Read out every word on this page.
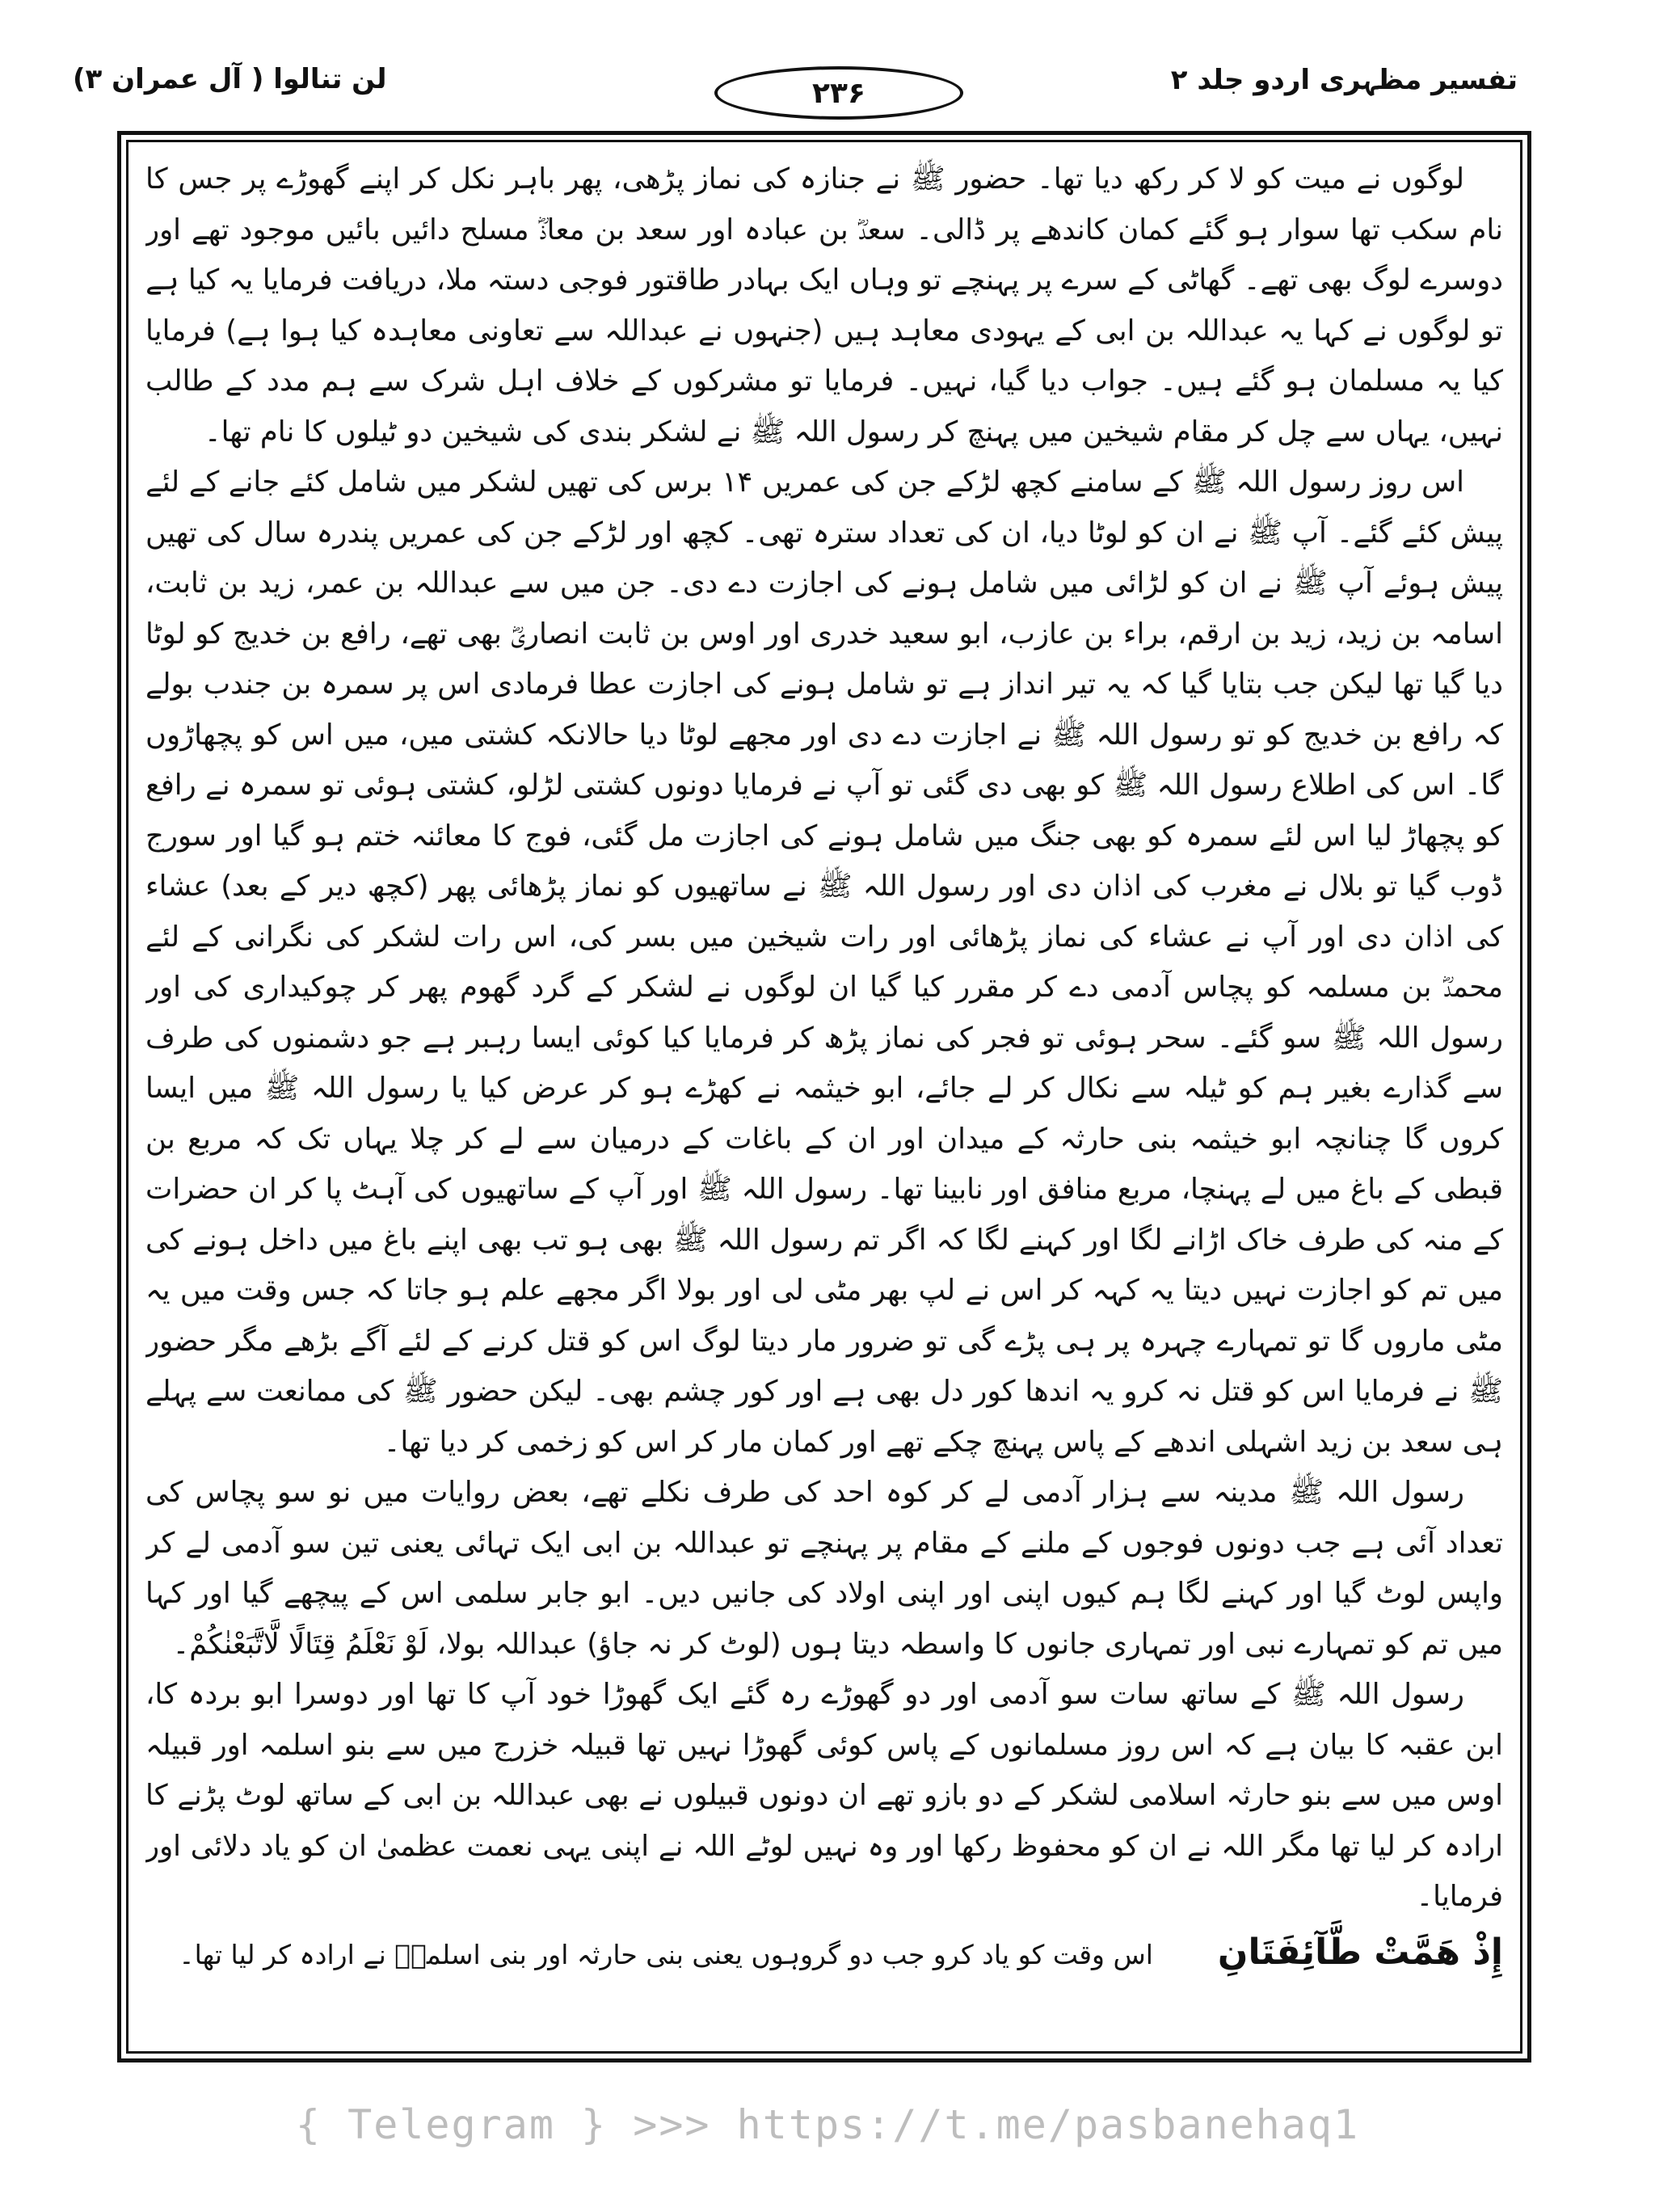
تفسیر مظہری اردو جلد ۲
۲۳۶
لن تنالوا ( آل عمران ۳)

لوگوں نے میت کو لا کر رکھ دیا تھا۔ حضور ﷺ نے جنازہ کی نماز پڑھی، پھر باہر نکل کر اپنے گھوڑے پر جس کا نام سکب تھا سوار ہو گئے کمان کاندھے پر ڈالی۔ سعدؓ بن عبادہ اور سعد بن معاذؓ مسلح دائیں بائیں موجود تھے اور دوسرے لوگ بھی تھے۔ گھاٹی کے سرے پر پہنچے تو وہاں ایک بہادر طاقتور فوجی دستہ ملا، دریافت فرمایا یہ کیا ہے تو لوگوں نے کہا یہ عبداللہ بن ابی کے یہودی معاہد ہیں (جنہوں نے عبداللہ سے تعاونی معاہدہ کیا ہوا ہے) فرمایا کیا یہ مسلمان ہو گئے ہیں۔ جواب دیا گیا، نہیں۔ فرمایا تو مشرکوں کے خلاف اہل شرک سے ہم مدد کے طالب نہیں، یہاں سے چل کر مقام شیخین میں پہنچ کر رسول اللہ ﷺ نے لشکر بندی کی شیخین دو ٹیلوں کا نام تھا۔

اس روز رسول اللہ ﷺ کے سامنے کچھ لڑکے جن کی عمریں ۱۴ برس کی تھیں لشکر میں شامل کئے جانے کے لئے پیش کئے گئے۔ آپ ﷺ نے ان کو لوٹا دیا، ان کی تعداد سترہ تھی۔ کچھ اور لڑکے جن کی عمریں پندرہ سال کی تھیں پیش ہوئے آپ ﷺ نے ان کو لڑائی میں شامل ہونے کی اجازت دے دی۔ جن میں سے عبداللہ بن عمر، زید بن ثابت، اسامہ بن زید، زید بن ارقم، براء بن عازب، ابو سعید خدری اور اوس بن ثابت انصاریؓ بھی تھے، رافع بن خدیج کو لوٹا دیا گیا تھا لیکن جب بتایا گیا کہ یہ تیر انداز ہے تو شامل ہونے کی اجازت عطا فرمادی اس پر سمرہ بن جندب بولے کہ رافع بن خدیج کو تو رسول اللہ ﷺ نے اجازت دے دی اور مجھے لوٹا دیا حالانکہ کشتی میں، میں اس کو پچھاڑوں گا۔ اس کی اطلاع رسول اللہ ﷺ کو بھی دی گئی تو آپ نے فرمایا دونوں کشتی لڑلو، کشتی ہوئی تو سمرہ نے رافع کو پچھاڑ لیا اس لئے سمرہ کو بھی جنگ میں شامل ہونے کی اجازت مل گئی، فوج کا معائنہ ختم ہو گیا اور سورج ڈوب گیا تو بلال نے مغرب کی اذان دی اور رسول اللہ ﷺ نے ساتھیوں کو نماز پڑھائی پھر (کچھ دیر کے بعد) عشاء کی اذان دی اور آپ نے عشاء کی نماز پڑھائی اور رات شیخین میں بسر کی، اس رات لشکر کی نگرانی کے لئے محمدؓ بن مسلمہ کو پچاس آدمی دے کر مقرر کیا گیا ان لوگوں نے لشکر کے گرد گھوم پھر کر چوکیداری کی اور رسول اللہ ﷺ سو گئے۔ سحر ہوئی تو فجر کی نماز پڑھ کر فرمایا کیا کوئی ایسا رہبر ہے جو دشمنوں کی طرف سے گذارے بغیر ہم کو ٹیلہ سے نکال کر لے جائے، ابو خیثمہ نے کھڑے ہو کر عرض کیا یا رسول اللہ ﷺ میں ایسا کروں گا چنانچہ ابو خیثمہ بنی حارثہ کے میدان اور ان کے باغات کے درمیان سے لے کر چلا یہاں تک کہ مربع بن قبطی کے باغ میں لے پہنچا، مربع منافق اور نابینا تھا۔ رسول اللہ ﷺ اور آپ کے ساتھیوں کی آہٹ پا کر ان حضرات کے منہ کی طرف خاک اڑانے لگا اور کہنے لگا کہ اگر تم رسول اللہ ﷺ بھی ہو تب بھی اپنے باغ میں داخل ہونے کی میں تم کو اجازت نہیں دیتا یہ کہہ کر اس نے لپ بھر مٹی لی اور بولا اگر مجھے علم ہو جاتا کہ جس وقت میں یہ مٹی ماروں گا تو تمہارے چہرہ پر ہی پڑے گی تو ضرور مار دیتا لوگ اس کو قتل کرنے کے لئے آگے بڑھے مگر حضور ﷺ نے فرمایا اس کو قتل نہ کرو یہ اندھا کور دل بھی ہے اور کور چشم بھی۔ لیکن حضور ﷺ کی ممانعت سے پہلے ہی سعد بن زید اشہلی اندھے کے پاس پہنچ چکے تھے اور کمان مار کر اس کو زخمی کر دیا تھا۔

رسول اللہ ﷺ مدینہ سے ہزار آدمی لے کر کوہ احد کی طرف نکلے تھے، بعض روایات میں نو سو پچاس کی تعداد آئی ہے جب دونوں فوجوں کے ملنے کے مقام پر پہنچے تو عبداللہ بن ابی ایک تہائی یعنی تین سو آدمی لے کر واپس لوٹ گیا اور کہنے لگا ہم کیوں اپنی اور اپنی اولاد کی جانیں دیں۔ ابو جابر سلمی اس کے پیچھے گیا اور کہا میں تم کو تمہارے نبی اور تمہاری جانوں کا واسطہ دیتا ہوں (لوٹ کر نہ جاؤ) عبداللہ بولا، لَوْ نَعْلَمُ قِتَالًا لَّاتَّبَعْنٰكُمْ۔

رسول اللہ ﷺ کے ساتھ سات سو آدمی اور دو گھوڑے رہ گئے ایک گھوڑا خود آپ کا تھا اور دوسرا ابو بردہ کا، ابن عقبہ کا بیان ہے کہ اس روز مسلمانوں کے پاس کوئی گھوڑا نہیں تھا قبیلہ خزرج میں سے بنو اسلمہ اور قبیلہ اوس میں سے بنو حارثہ اسلامی لشکر کے دو بازو تھے ان دونوں قبیلوں نے بھی عبداللہ بن ابی کے ساتھ لوٹ پڑنے کا ارادہ کر لیا تھا مگر اللہ نے ان کو محفوظ رکھا اور وہ نہیں لوٹے اللہ نے اپنی یہی نعمت عظمیٰ ان کو یاد دلائی اور فرمایا۔

إِذْ هَمَّتْ طَّآئِفَتَانِ
اس وقت کو یاد کرو جب دو گروہوں یعنی بنی حارثہ اور بنی اسلمہؓ نے ارادہ کر لیا تھا۔
{ Telegram } >>> https://t.me/pasbanehaq1
